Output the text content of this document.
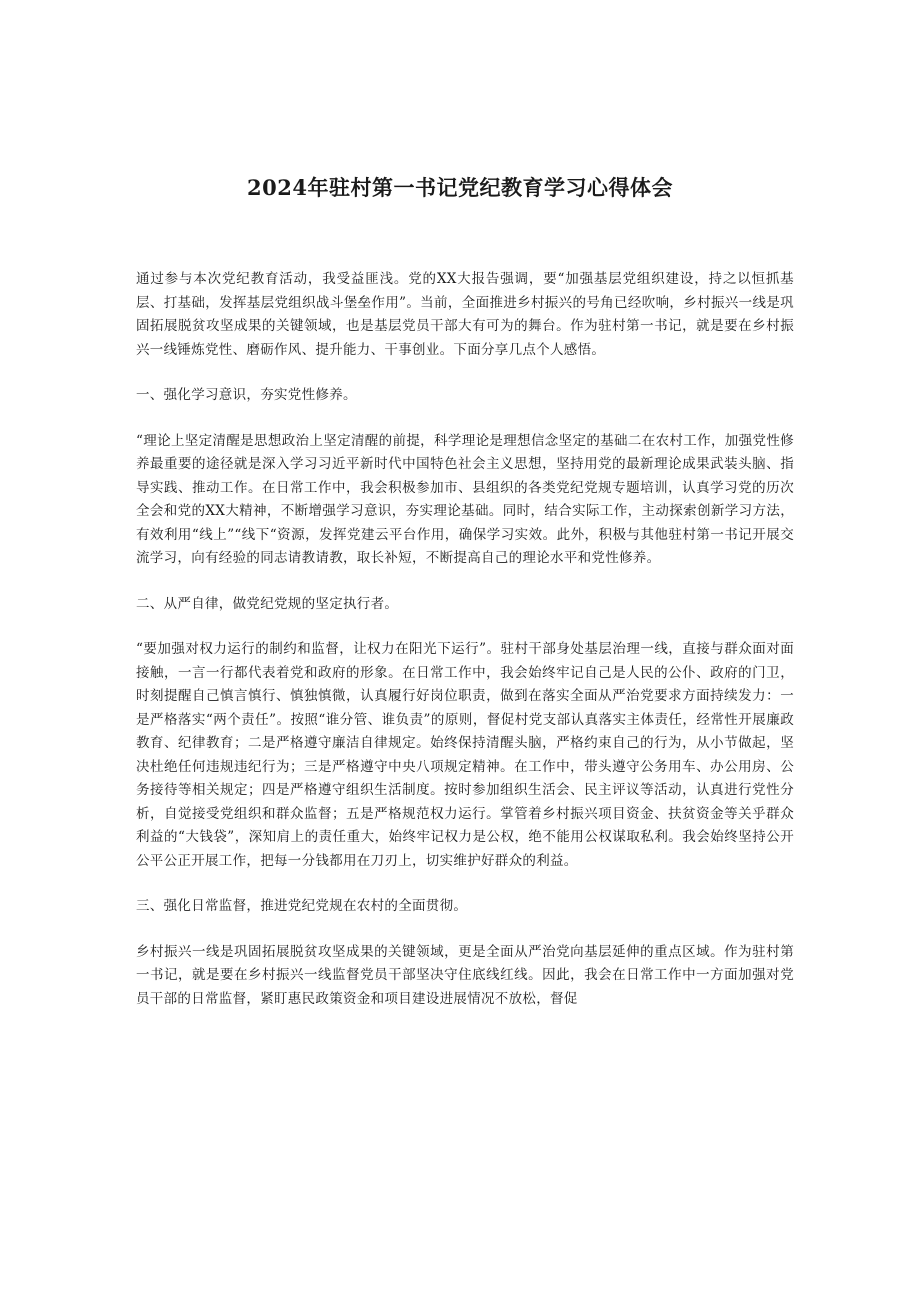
2024年驻村第一书记党纪教育学习心得体会

通过参与本次党纪教育活动，我受益匪浅。党的XX大报告强调，要“加强基层党组织建设，持之以恒抓基层、打基础，发挥基层党组织战斗堡垒作用”。当前，全面推进乡村振兴的号角已经吹响，乡村振兴一线是巩固拓展脱贫攻坚成果的关键领域，也是基层党员干部大有可为的舞台。作为驻村第一书记，就是要在乡村振兴一线锤炼党性、磨砺作风、提升能力、干事创业。下面分享几点个人感悟。

一、强化学习意识，夯实党性修养。

“理论上坚定清醒是思想政治上坚定清醒的前提，科学理论是理想信念坚定的基础二在农村工作，加强党性修养最重要的途径就是深入学习习近平新时代中国特色社会主义思想，坚持用党的最新理论成果武装头脑、指导实践、推动工作。在日常工作中，我会积极参加市、县组织的各类党纪党规专题培训，认真学习党的历次全会和党的XX大精神，不断增强学习意识，夯实理论基础。同时，结合实际工作，主动探索创新学习方法，有效利用“线上”“线下“资源，发挥党建云平台作用，确保学习实效。此外，积极与其他驻村第一书记开展交流学习，向有经验的同志请教请教，取长补短，不断提高自己的理论水平和党性修养。

二、从严自律，做党纪党规的坚定执行者。

“要加强对权力运行的制约和监督，让权力在阳光下运行”。驻村干部身处基层治理一线，直接与群众面对面接触，一言一行都代表着党和政府的形象。在日常工作中，我会始终牢记自己是人民的公仆、政府的门卫，时刻提醒自己慎言慎行、慎独慎微，认真履行好岗位职责，做到在落实全面从严治党要求方面持续发力：一是严格落实“两个责任”。按照“谁分管、谁负责”的原则，督促村党支部认真落实主体责任，经常性开展廉政教育、纪律教育；二是严格遵守廉洁自律规定。始终保持清醒头脑，严格约束自己的行为，从小节做起，坚决杜绝任何违规违纪行为；三是严格遵守中央八项规定精神。在工作中，带头遵守公务用车、办公用房、公务接待等相关规定；四是严格遵守组织生活制度。按时参加组织生活会、民主评议等活动，认真进行党性分析，自觉接受党组织和群众监督；五是严格规范权力运行。掌管着乡村振兴项目资金、扶贫资金等关乎群众利益的“大钱袋”，深知肩上的责任重大，始终牢记权力是公权，绝不能用公权谋取私利。我会始终坚持公开公平公正开展工作，把每一分钱都用在刀刃上，切实维护好群众的利益。

三、强化日常监督，推进党纪党规在农村的全面贯彻。

乡村振兴一线是巩固拓展脱贫攻坚成果的关键领域，更是全面从严治党向基层延伸的重点区域。作为驻村第一书记，就是要在乡村振兴一线监督党员干部坚决守住底线红线。因此，我会在日常工作中一方面加强对党员干部的日常监督，紧盯惠民政策资金和项目建设进展情况不放松，督促
